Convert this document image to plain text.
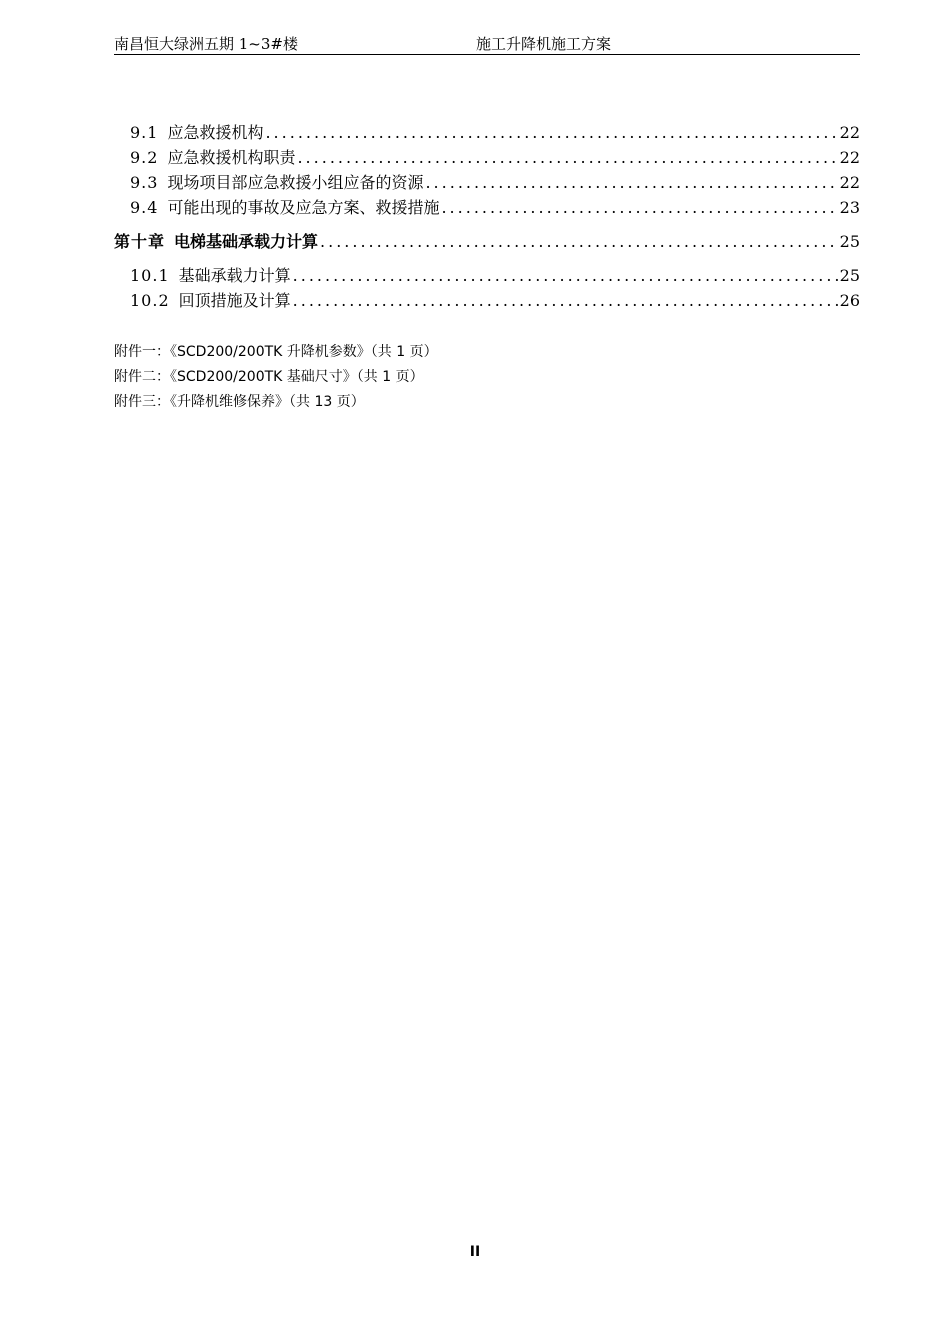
南昌恒大绿洲五期 1~3#楼	施工升降机施工方案
9.1 应急救援机构 .....	22
9.2 应急救援机构职责 .....	22
9.3 现场项目部应急救援小组应备的资源 .....	22
9.4 可能出现的事故及应急方案、救援措施 .....	23
第十章 电梯基础承载力计算 .....	25
10.1 基础承载力计算 .....	25
10.2 回顶措施及计算 .....	26
附件一：《SCD200/200TK 升降机参数》（共 1 页）
附件二：《SCD200/200TK 基础尺寸》（共 1 页）
附件三：《升降机维修保养》（共 13 页）
II
